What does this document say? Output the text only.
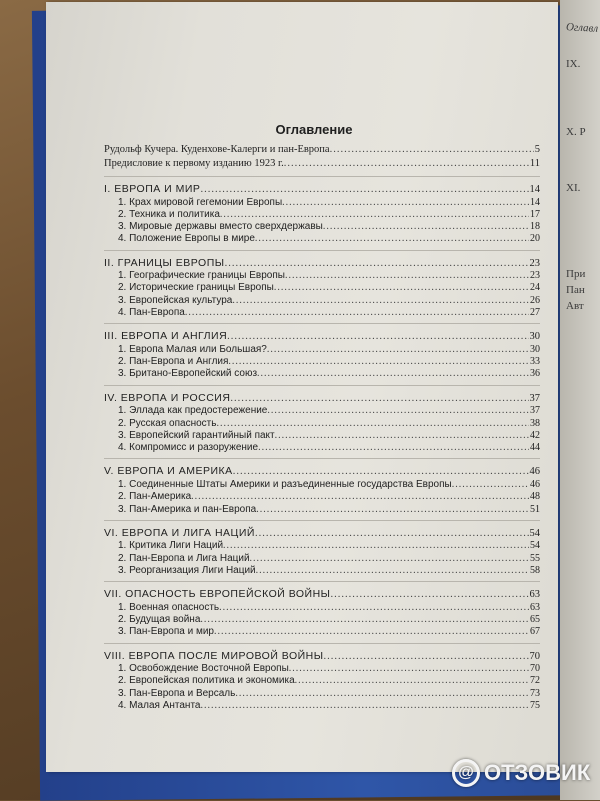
Оглавл
IX.
X. Р
XI.
При
Пан
Авт
Оглавление
Рудольф Кучера. Куденхове-Калерги и пан-Европа .....	5
Предисловие к первому изданию 1923 г. .....	11
I. ЕВРОПА И МИР .....	14
1. Крах мировой гегемонии Европы .....	14
2. Техника и политика .....	17
3. Мировые державы вместо сверхдержавы .....	18
4. Положение Европы в мире .....	20
II. ГРАНИЦЫ ЕВРОПЫ .....	23
1. Географические границы Европы .....	23
2. Исторические границы Европы .....	24
3. Европейская культура .....	26
4. Пан-Европа .....	27
III. ЕВРОПА И АНГЛИЯ .....	30
1. Европа Малая или Большая? .....	30
2. Пан-Европа и Англия .....	33
3. Британо-Европейский союз .....	36
IV. ЕВРОПА И РОССИЯ .....	37
1. Эллада как предостережение .....	37
2. Русская опасность .....	38
3. Европейский гарантийный пакт .....	42
4. Компромисс и разоружение .....	44
V. ЕВРОПА И АМЕРИКА .....	46
1. Соединенные Штаты Америки и разъединенные государства Европы .....	46
2. Пан-Америка .....	48
3. Пан-Америка и пан-Европа .....	51
VI. ЕВРОПА И ЛИГА НАЦИЙ .....	54
1. Критика Лиги Наций .....	54
2. Пан-Европа и Лига Наций .....	55
3. Реорганизация Лиги Наций .....	58
VII. ОПАСНОСТЬ ЕВРОПЕЙСКОЙ ВОЙНЫ .....	63
1. Военная опасность .....	63
2. Будущая война .....	65
3. Пан-Европа и мир .....	67
VIII. ЕВРОПА ПОСЛЕ МИРОВОЙ ВОЙНЫ .....	70
1. Освобождение Восточной Европы .....	70
2. Европейская политика и экономика .....	72
3. Пан-Европа и Версаль .....	73
4. Малая Антанта .....	75
@ ОТЗОВИК
